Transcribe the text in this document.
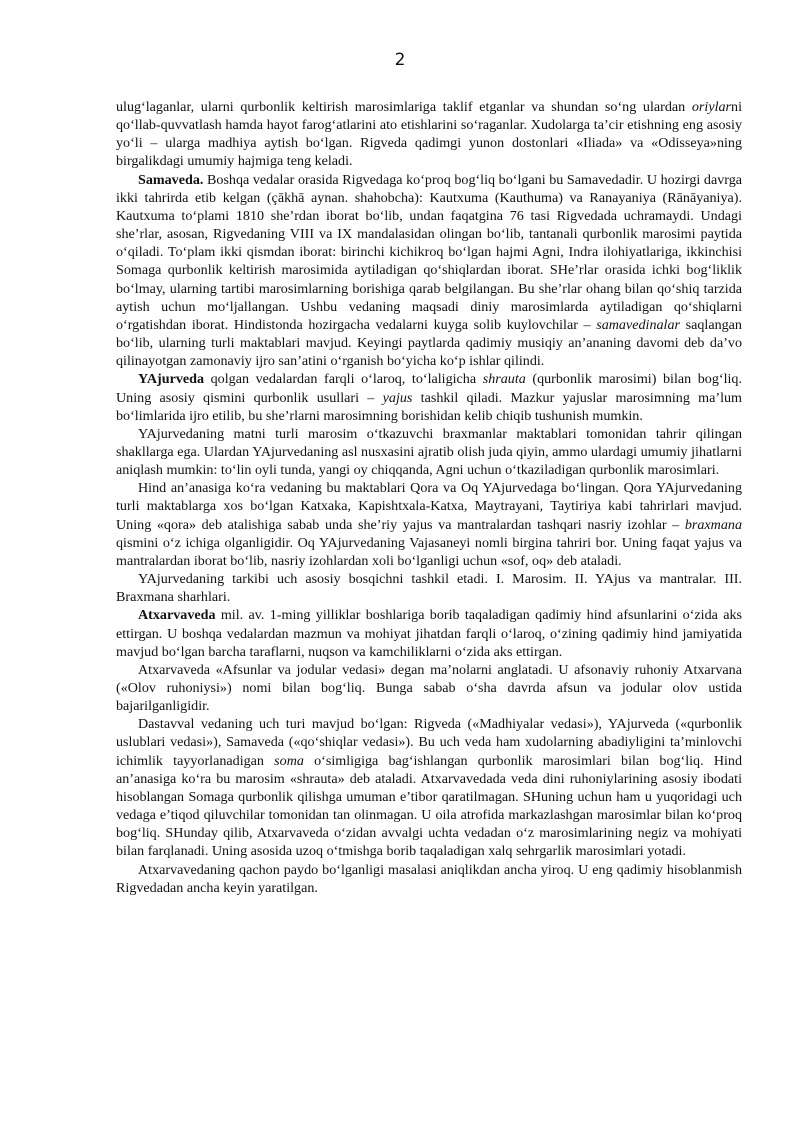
2

ulug‘laganlar, ularni qurbonlik keltirish marosimlariga taklif etganlar va shundan so‘ng ulardan oriylarni qo‘llab-quvvatlash hamda hayot farog‘atlarini ato etishlarini so‘raganlar. Xudolarga ta’cir etishning eng asosiy yo‘li – ularga madhiya aytish bo‘lgan. Rigveda qadimgi yunon dostonlari «Iliada» va «Odisseya»ning birgalikdagi umumiy hajmiga teng keladi.

Samaveda. Boshqa vedalar orasida Rigvedaga ko‘proq bog‘liq bo‘lgani bu Samavedadir. U hozirgi davrga ikki tahrirda etib kelgan (çākhā aynan. shahobcha): Kautxuma (Kauthuma) va Ranayaniya (Rānāyaniya). Kautxuma to‘plami 1810 she’rdan iborat bo‘lib, undan faqatgina 76 tasi Rigvedada uchramaydi. Undagi she’rlar, asosan, Rigvedaning VIII va IX mandalasidan olingan bo‘lib, tantanali qurbonlik marosimi paytida o‘qiladi. To‘plam ikki qismdan iborat: birinchi kichikroq bo‘lgan hajmi Agni, Indra ilohiyatlariga, ikkinchisi Somaga qurbonlik keltirish marosimida aytiladigan qo‘shiqlardan iborat. SHe’rlar orasida ichki bog‘liklik bo‘lmay, ularning tartibi marosimlarning borishiga qarab belgilangan. Bu she’rlar ohang bilan qo‘shiq tarzida aytish uchun mo‘ljallangan. Ushbu vedaning maqsadi diniy marosimlarda aytiladigan qo‘shiqlarni o‘rgatishdan iborat. Hindistonda hozirgacha vedalarni kuyga solib kuylovchilar – samavedinalar saqlangan bo‘lib, ularning turli maktablari mavjud. Keyingi paytlarda qadimiy musiqiy an’ananing davomi deb da’vo qilinayotgan zamonaviy ijro san’atini o‘rganish bo‘yicha ko‘p ishlar qilindi.

YAjurveda qolgan vedalardan farqli o‘laroq, to‘laligicha shrauta (qurbonlik marosimi) bilan bog‘liq. Uning asosiy qismini qurbonlik usullari – yajus tashkil qiladi. Mazkur yajuslar marosimning ma’lum bo‘limlarida ijro etilib, bu she’rlarni marosimning borishidan kelib chiqib tushunish mumkin.

YAjurvedaning matni turli marosim o‘tkazuvchi braxmanlar maktablari tomonidan tahrir qilingan shakllarga ega. Ulardan YAjurvedaning asl nusxasini ajratib olish juda qiyin, ammo ulardagi umumiy jihatlarni aniqlash mumkin: to‘lin oyli tunda, yangi oy chiqqanda, Agni uchun o‘tkaziladigan qurbonlik marosimlari.

Hind an’anasiga ko‘ra vedaning bu maktablari Qora va Oq YAjurvedaga bo‘lingan. Qora YAjurvedaning turli maktablarga xos bo‘lgan Katxaka, Kapishtxala-Katxa, Maytrayani, Taytiriya kabi tahrirlari mavjud. Uning «qora» deb atalishiga sabab unda she’riy yajus va mantralardan tashqari nasriy izohlar – braxmana qismini o‘z ichiga olganligidir. Oq YAjurvedaning Vajasaneyi nomli birgina tahriri bor. Uning faqat yajus va mantralardan iborat bo‘lib, nasriy izohlardan xoli bo‘lganligi uchun «sof, oq» deb ataladi.

YAjurvedaning tarkibi uch asosiy bosqichni tashkil etadi. I. Marosim. II. YAjus va mantralar. III. Braxmana sharhlari.

Atxarvaveda mil. av. 1-ming yilliklar boshlariga borib taqaladigan qadimiy hind afsunlarini o‘zida aks ettirgan. U boshqa vedalardan mazmun va mohiyat jihatdan farqli o‘laroq, o‘zining qadimiy hind jamiyatida mavjud bo‘lgan barcha taraflarni, nuqson va kamchiliklarni o‘zida aks ettirgan.

Atxarvaveda «Afsunlar va jodular vedasi» degan ma’nolarni anglatadi. U afsonaviy ruhoniy Atxarvana («Olov ruhoniysi») nomi bilan bog‘liq. Bunga sabab o‘sha davrda afsun va jodular olov ustida bajarilganligidir.

Dastavval vedaning uch turi mavjud bo‘lgan: Rigveda («Madhiyalar vedasi»), YAjurveda («qurbonlik uslublari vedasi»), Samaveda («qo‘shiqlar vedasi»). Bu uch veda ham xudolarning abadiyligini ta’minlovchi ichimlik tayyorlanadigan soma o‘simligiga bag‘ishlangan qurbonlik marosimlari bilan bog‘liq. Hind an’anasiga ko‘ra bu marosim «shrauta» deb ataladi. Atxarvavedada veda dini ruhoniylarining asosiy ibodati hisoblangan Somaga qurbonlik qilishga umuman e’tibor qaratilmagan. SHuning uchun ham u yuqoridagi uch vedaga e’tiqod qiluvchilar tomonidan tan olinmagan. U oila atrofida markazlashgan marosimlar bilan ko‘proq bog‘liq. SHunday qilib, Atxarvaveda o‘zidan avvalgi uchta vedadan o‘z marosimlarining negiz va mohiyati bilan farqlanadi. Uning asosida uzoq o‘tmishga borib taqaladigan xalq sehrgarlik marosimlari yotadi.

Atxarvavedaning qachon paydo bo‘lganligi masalasi aniqlikdan ancha yiroq. U eng qadimiy hisoblanmish Rigvedadan ancha keyin yaratilgan.
